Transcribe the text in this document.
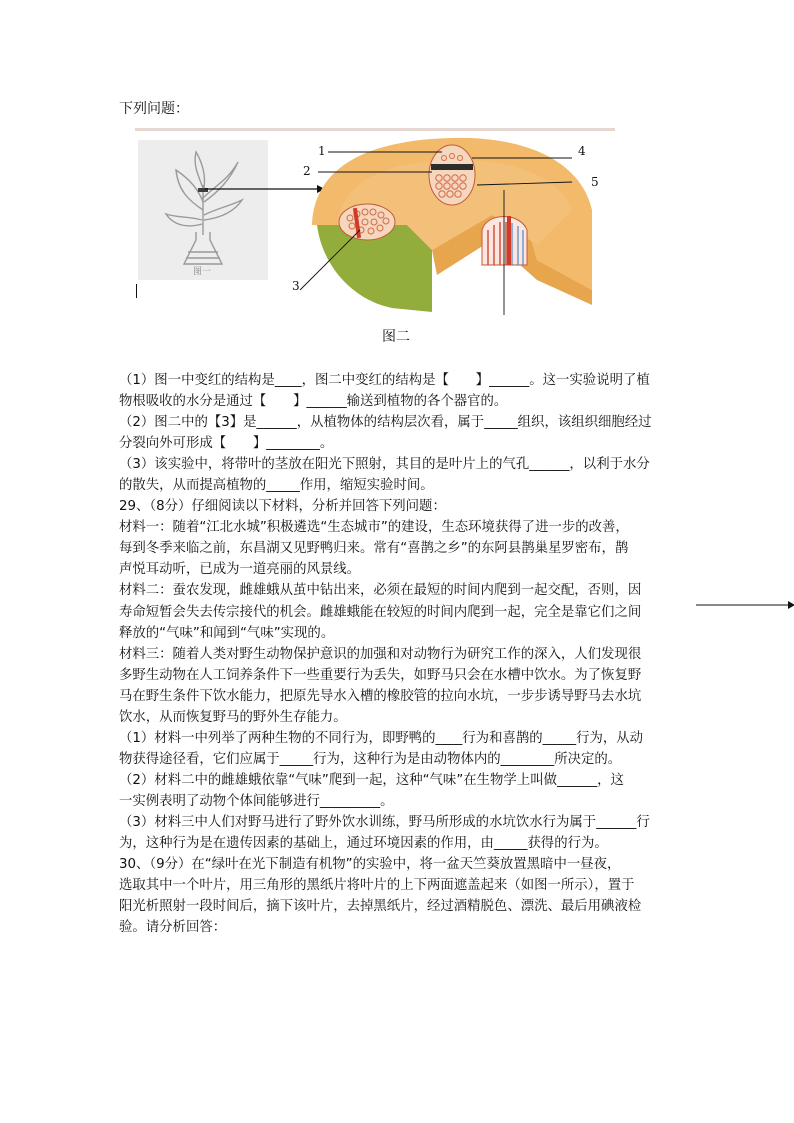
下列问题：
图一
1
2
3
4
5
图二
（1）图一中变红的结构是____，图二中变红的结构是【　　】______。这一实验说明了植
物根吸收的水分是通过【　　】______输送到植物的各个器官的。
（2）图二中的【3】是______，从植物体的结构层次看，属于_____组织，该组织细胞经过
分裂向外可形成【　　】________。
（3）该实验中，将带叶的茎放在阳光下照射，其目的是叶片上的气孔______，以利于水分
的散失，从而提高植物的_____作用，缩短实验时间。
29、（8分）仔细阅读以下材料，分析并回答下列问题：
材料一：随着“江北水城”积极遴选“生态城市”的建设，生态环境获得了进一步的改善，
每到冬季来临之前，东昌湖又见野鸭归来。常有“喜鹊之乡”的东阿县鹊巢星罗密布，鹊
声悦耳动听，已成为一道亮丽的风景线。
材料二：蚕农发现，雌雄蛾从茧中钻出来，必须在最短的时间内爬到一起交配，否则，因
寿命短暂会失去传宗接代的机会。雌雄蛾能在较短的时间内爬到一起，完全是靠它们之间
释放的“气味”和闻到“气味”实现的。
材料三：随着人类对野生动物保护意识的加强和对动物行为研究工作的深入，人们发现很
多野生动物在人工饲养条件下一些重要行为丢失，如野马只会在水槽中饮水。为了恢复野
马在野生条件下饮水能力，把原先导水入槽的橡胶管的拉向水坑，一步步诱导野马去水坑
饮水，从而恢复野马的野外生存能力。
（1）材料一中列举了两种生物的不同行为，即野鸭的____行为和喜鹊的_____行为，从动
物获得途径看，它们应属于_____行为，这种行为是由动物体内的________所决定的。
（2）材料二中的雌雄蛾依靠“气味”爬到一起，这种“气味”在生物学上叫做______，这
一实例表明了动物个体间能够进行_________。
（3）材料三中人们对野马进行了野外饮水训练，野马所形成的水坑饮水行为属于______行
为，这种行为是在遗传因素的基础上，通过环境因素的作用，由_____获得的行为。
30、（9分）在“绿叶在光下制造有机物”的实验中，将一盆天竺葵放置黑暗中一昼夜，
选取其中一个叶片，用三角形的黑纸片将叶片的上下两面遮盖起来（如图一所示），置于
阳光析照射一段时间后，摘下该叶片，去掉黑纸片，经过酒精脱色、漂洗、最后用碘液检
验。请分析回答：
